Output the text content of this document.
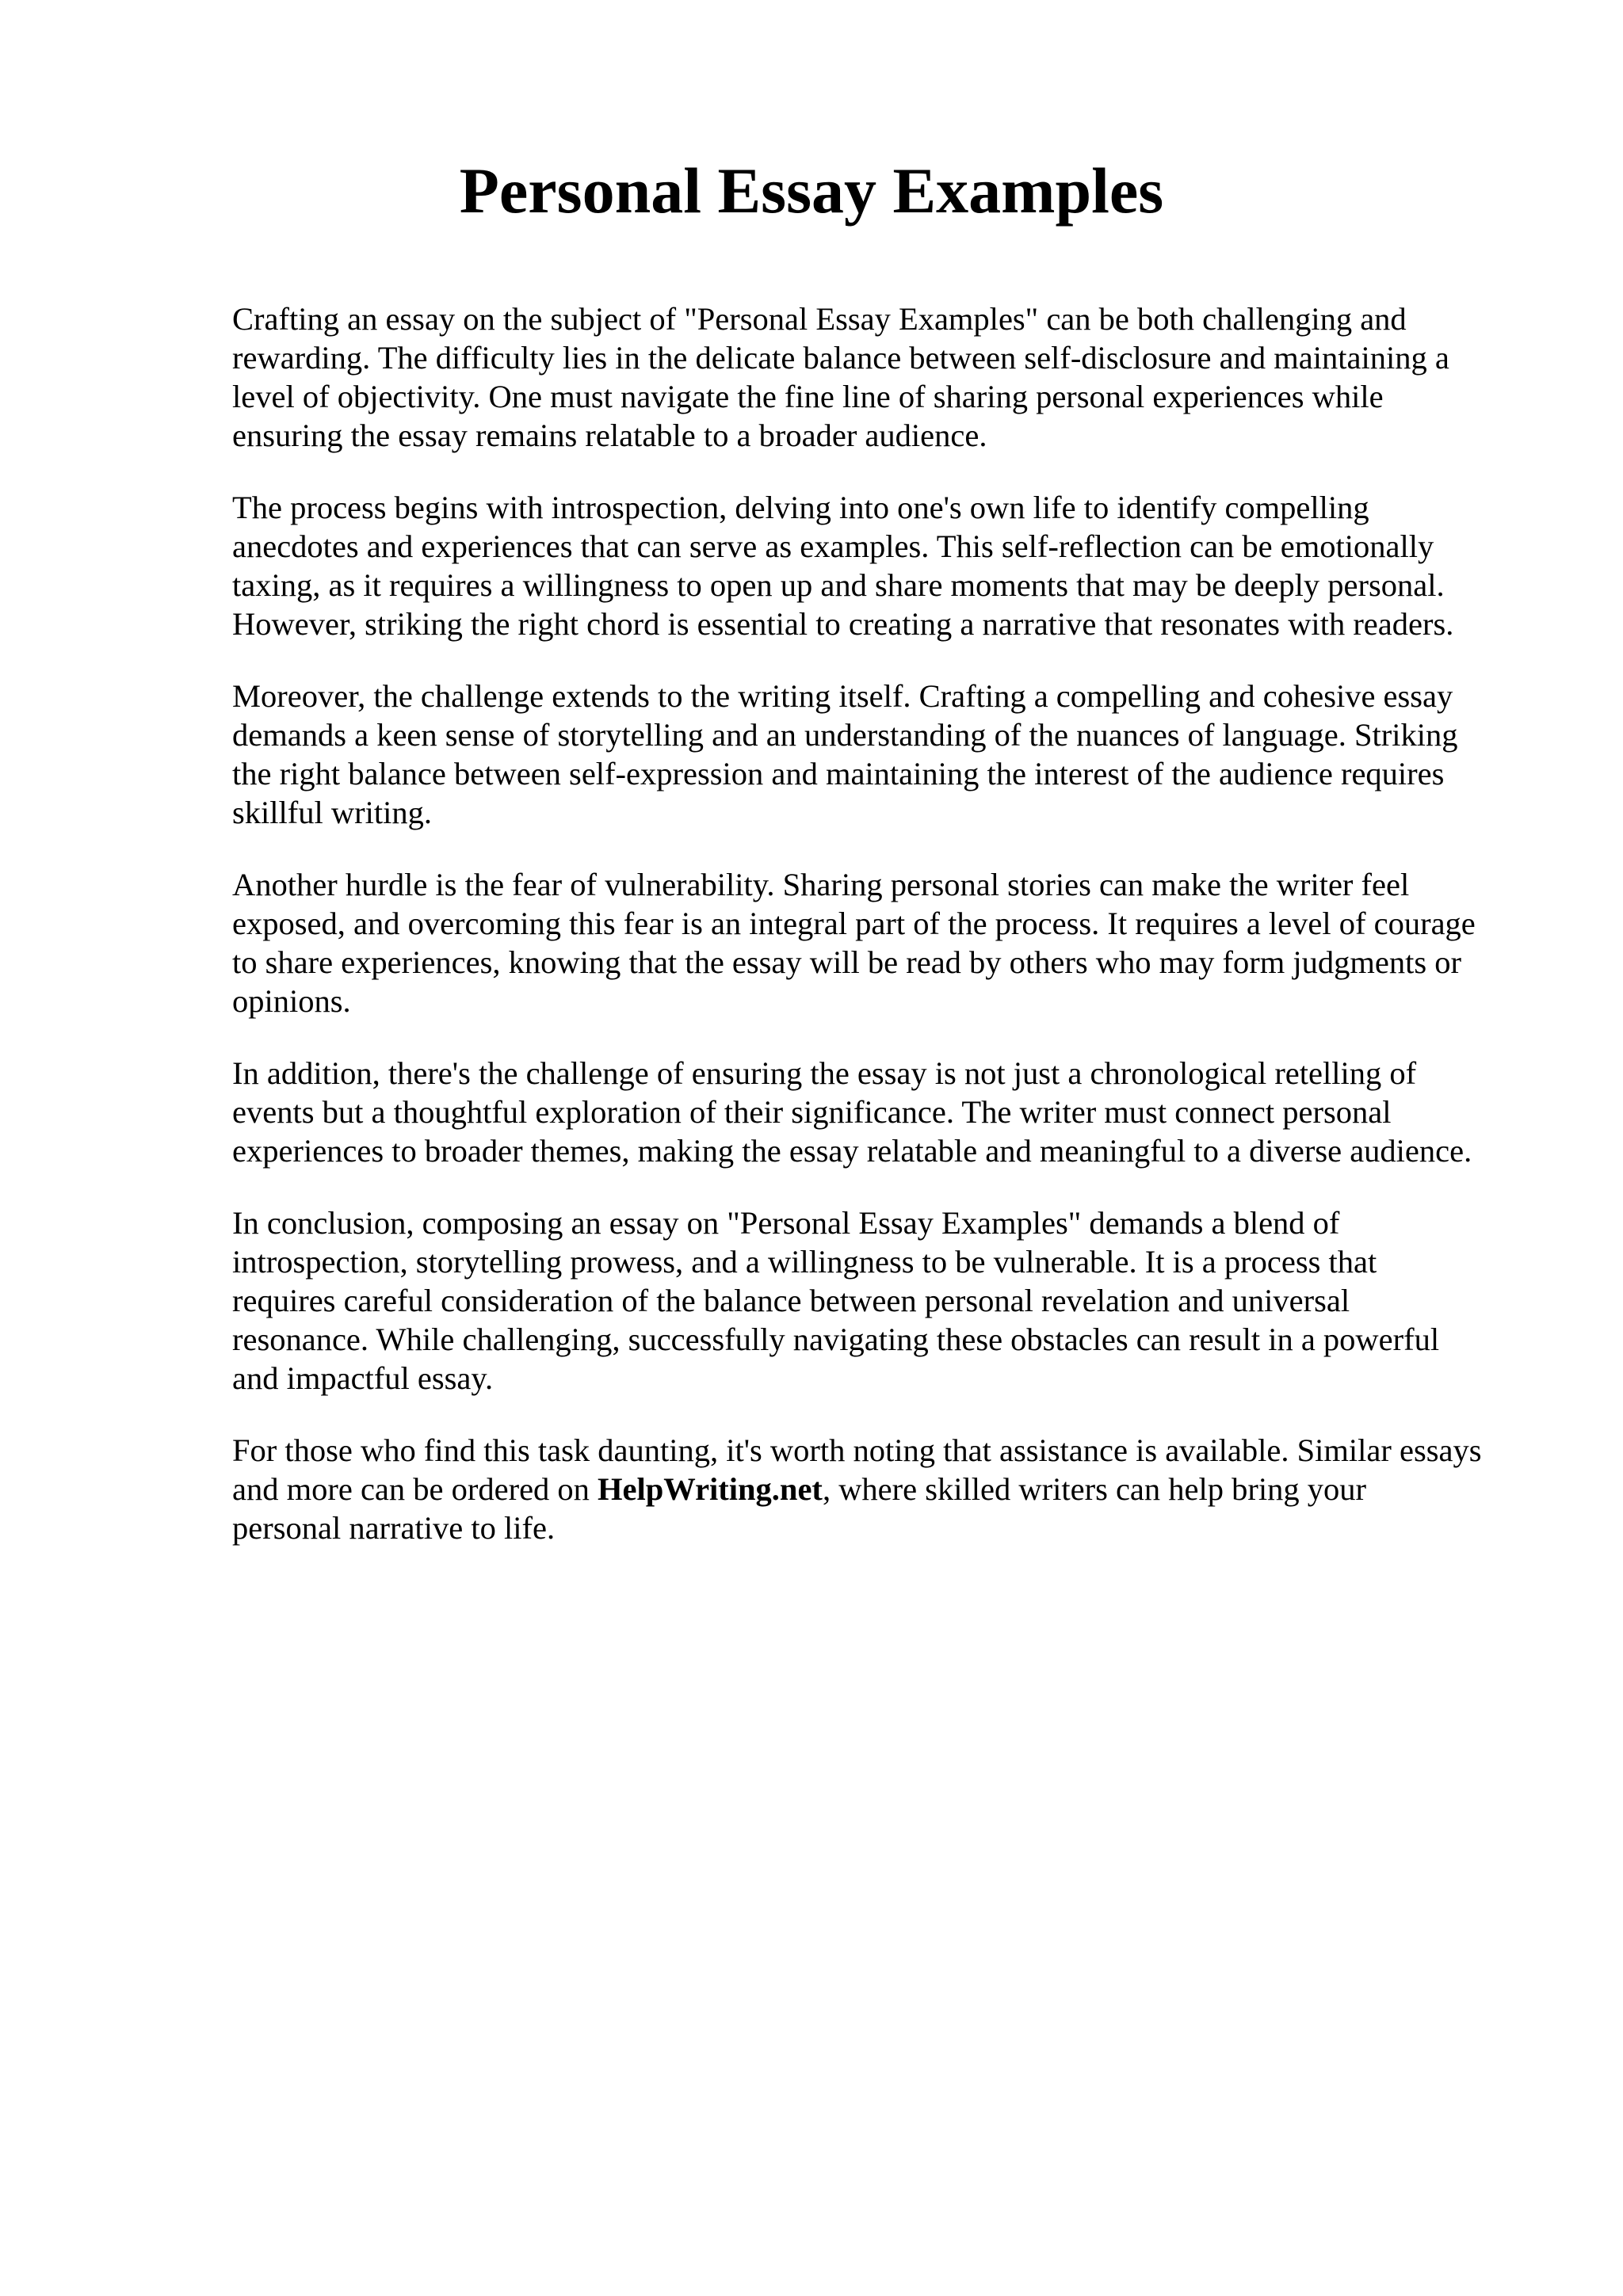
Personal Essay Examples

Crafting an essay on the subject of "Personal Essay Examples" can be both challenging and
rewarding. The difficulty lies in the delicate balance between self-disclosure and maintaining a
level of objectivity. One must navigate the fine line of sharing personal experiences while
ensuring the essay remains relatable to a broader audience.

The process begins with introspection, delving into one's own life to identify compelling
anecdotes and experiences that can serve as examples. This self-reflection can be emotionally
taxing, as it requires a willingness to open up and share moments that may be deeply personal.
However, striking the right chord is essential to creating a narrative that resonates with readers.

Moreover, the challenge extends to the writing itself. Crafting a compelling and cohesive essay
demands a keen sense of storytelling and an understanding of the nuances of language. Striking
the right balance between self-expression and maintaining the interest of the audience requires
skillful writing.

Another hurdle is the fear of vulnerability. Sharing personal stories can make the writer feel
exposed, and overcoming this fear is an integral part of the process. It requires a level of courage
to share experiences, knowing that the essay will be read by others who may form judgments or
opinions.

In addition, there's the challenge of ensuring the essay is not just a chronological retelling of
events but a thoughtful exploration of their significance. The writer must connect personal
experiences to broader themes, making the essay relatable and meaningful to a diverse audience.

In conclusion, composing an essay on "Personal Essay Examples" demands a blend of
introspection, storytelling prowess, and a willingness to be vulnerable. It is a process that
requires careful consideration of the balance between personal revelation and universal
resonance. While challenging, successfully navigating these obstacles can result in a powerful
and impactful essay.

For those who find this task daunting, it's worth noting that assistance is available. Similar essays
and more can be ordered on HelpWriting.net, where skilled writers can help bring your
personal narrative to life.
